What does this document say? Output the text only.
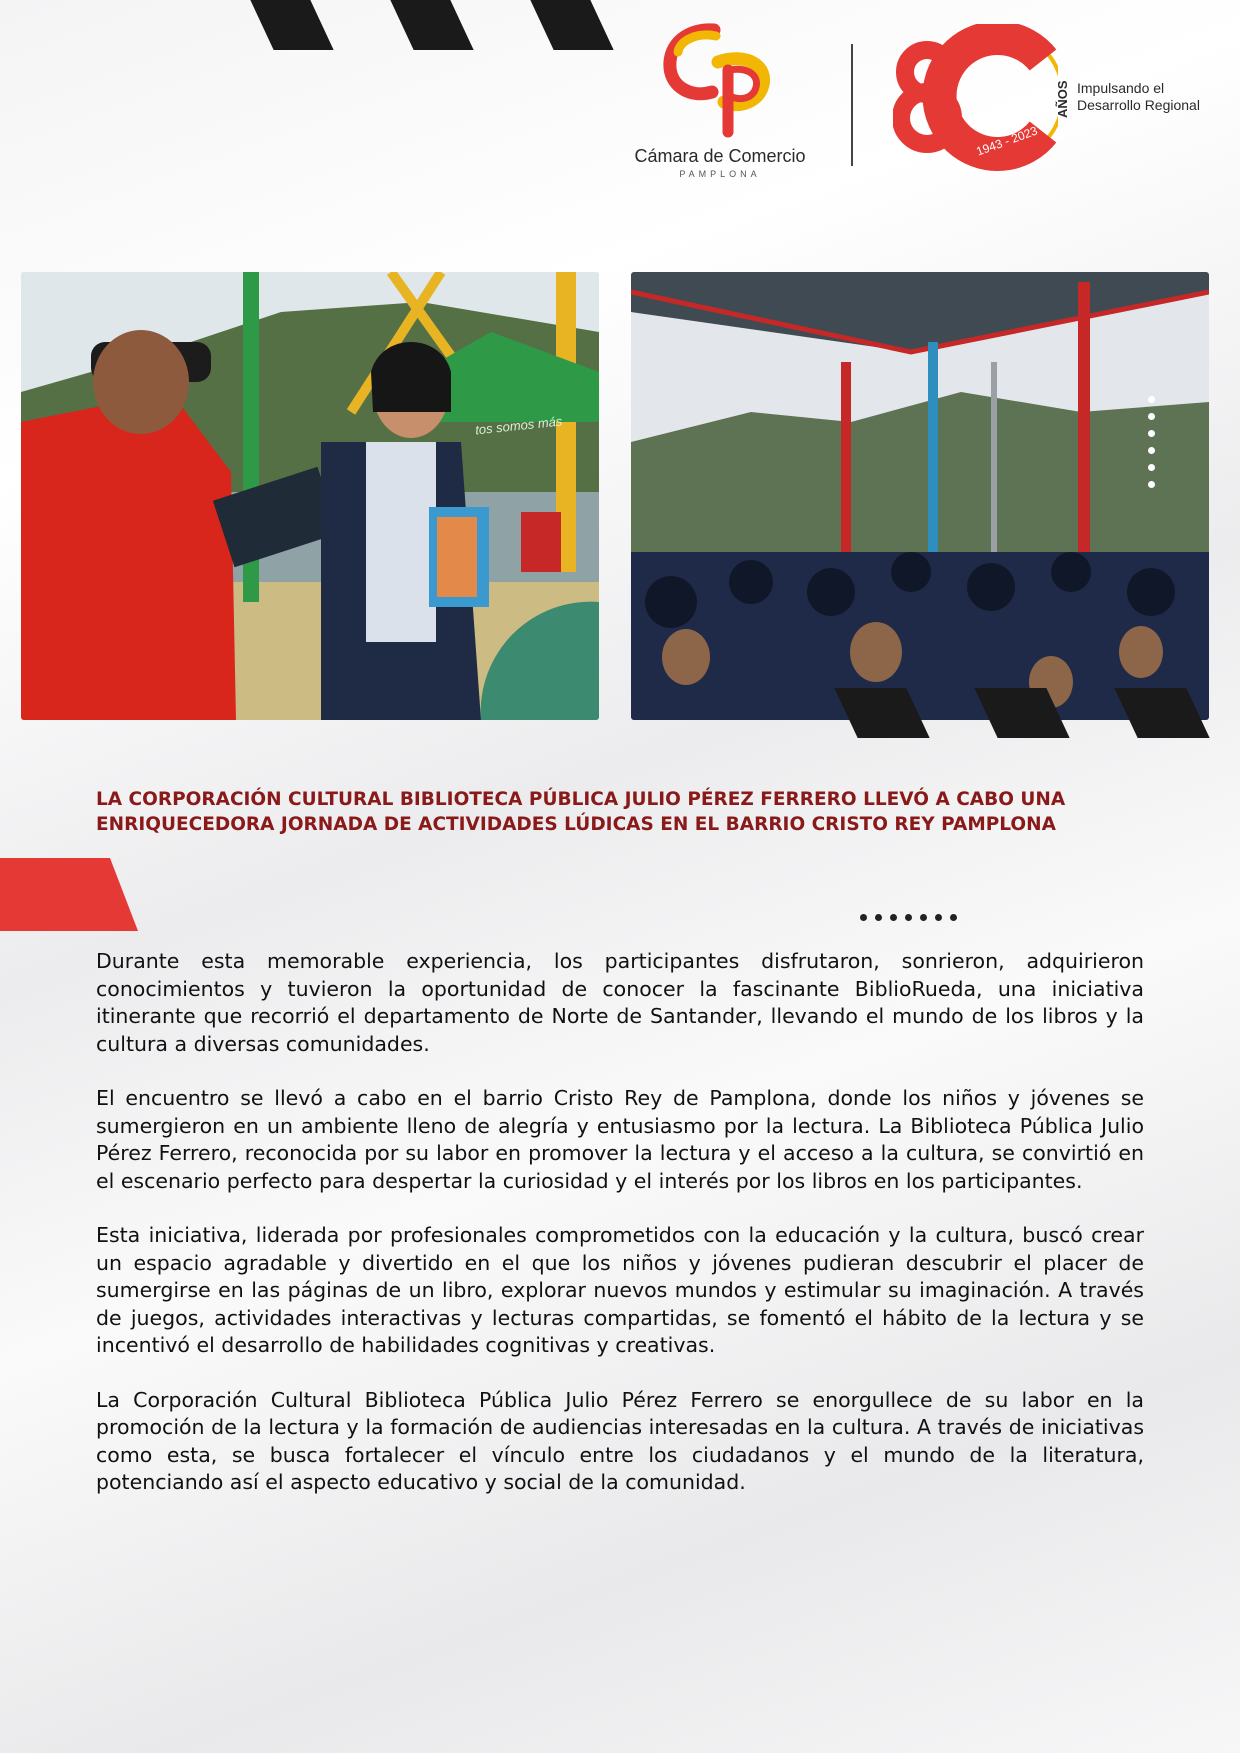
Cámara de Comercio
PAMPLONA
1943 - 2023
AÑOS Impulsando el
Desarrollo Regional
tos somos más
LA CORPORACIÓN CULTURAL BIBLIOTECA PÚBLICA JULIO PÉREZ FERRERO LLEVÓ A CABO UNA ENRIQUECEDORA JORNADA DE ACTIVIDADES LÚDICAS EN EL BARRIO CRISTO REY PAMPLONA

Durante esta memorable experiencia, los participantes disfrutaron, sonrieron, adquirieron conocimientos y tuvieron la oportunidad de conocer la fascinante BiblioRueda, una iniciativa itinerante que recorrió el departamento de Norte de Santander, llevando el mundo de los libros y la cultura a diversas comunidades.

El encuentro se llevó a cabo en el barrio Cristo Rey de Pamplona, donde los niños y jóvenes se sumergieron en un ambiente lleno de alegría y entusiasmo por la lectura. La Biblioteca Pública Julio Pérez Ferrero, reconocida por su labor en promover la lectura y el acceso a la cultura, se convirtió en el escenario perfecto para despertar la curiosidad y el interés por los libros en los participantes.

Esta iniciativa, liderada por profesionales comprometidos con la educación y la cultura, buscó crear un espacio agradable y divertido en el que los niños y jóvenes pudieran descubrir el placer de sumergirse en las páginas de un libro, explorar nuevos mundos y estimular su imaginación. A través de juegos, actividades interactivas y lecturas compartidas, se fomentó el hábito de la lectura y se incentivó el desarrollo de habilidades cognitivas y creativas.

La Corporación Cultural Biblioteca Pública Julio Pérez Ferrero se enorgullece de su labor en la promoción de la lectura y la formación de audiencias interesadas en la cultura. A través de iniciativas como esta, se busca fortalecer el vínculo entre los ciudadanos y el mundo de la literatura, potenciando así el aspecto educativo y social de la comunidad.
